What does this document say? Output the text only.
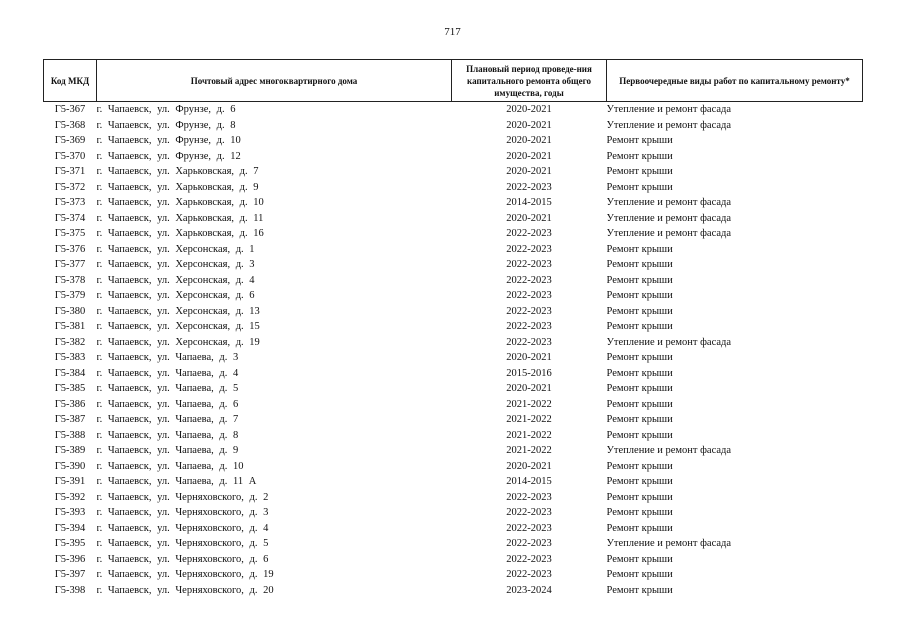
717
Код МКД	Почтовый адрес многоквартирного дома	Плановый период проведе-ния капитального ремонта общего имущества, годы	Первоочередные виды работ по капитальному ремонту*
Г5-367	г. Чапаевск, ул. Фрунзе, д. 6	2020-2021	Утепление и ремонт фасада
Г5-368	г. Чапаевск, ул. Фрунзе, д. 8	2020-2021	Утепление и ремонт фасада
Г5-369	г. Чапаевск, ул. Фрунзе, д. 10	2020-2021	Ремонт крыши
Г5-370	г. Чапаевск, ул. Фрунзе, д. 12	2020-2021	Ремонт крыши
Г5-371	г. Чапаевск, ул. Харьковская, д. 7	2020-2021	Ремонт крыши
Г5-372	г. Чапаевск, ул. Харьковская, д. 9	2022-2023	Ремонт крыши
Г5-373	г. Чапаевск, ул. Харьковская, д. 10	2014-2015	Утепление и ремонт фасада
Г5-374	г. Чапаевск, ул. Харьковская, д. 11	2020-2021	Утепление и ремонт фасада
Г5-375	г. Чапаевск, ул. Харьковская, д. 16	2022-2023	Утепление и ремонт фасада
Г5-376	г. Чапаевск, ул. Херсонская, д. 1	2022-2023	Ремонт крыши
Г5-377	г. Чапаевск, ул. Херсонская, д. 3	2022-2023	Ремонт крыши
Г5-378	г. Чапаевск, ул. Херсонская, д. 4	2022-2023	Ремонт крыши
Г5-379	г. Чапаевск, ул. Херсонская, д. 6	2022-2023	Ремонт крыши
Г5-380	г. Чапаевск, ул. Херсонская, д. 13	2022-2023	Ремонт крыши
Г5-381	г. Чапаевск, ул. Херсонская, д. 15	2022-2023	Ремонт крыши
Г5-382	г. Чапаевск, ул. Херсонская, д. 19	2022-2023	Утепление и ремонт фасада
Г5-383	г. Чапаевск, ул. Чапаева, д. 3	2020-2021	Ремонт крыши
Г5-384	г. Чапаевск, ул. Чапаева, д. 4	2015-2016	Ремонт крыши
Г5-385	г. Чапаевск, ул. Чапаева, д. 5	2020-2021	Ремонт крыши
Г5-386	г. Чапаевск, ул. Чапаева, д. 6	2021-2022	Ремонт крыши
Г5-387	г. Чапаевск, ул. Чапаева, д. 7	2021-2022	Ремонт крыши
Г5-388	г. Чапаевск, ул. Чапаева, д. 8	2021-2022	Ремонт крыши
Г5-389	г. Чапаевск, ул. Чапаева, д. 9	2021-2022	Утепление и ремонт фасада
Г5-390	г. Чапаевск, ул. Чапаева, д. 10	2020-2021	Ремонт крыши
Г5-391	г. Чапаевск, ул. Чапаева, д. 11 А	2014-2015	Ремонт крыши
Г5-392	г. Чапаевск, ул. Черняховского, д. 2	2022-2023	Ремонт крыши
Г5-393	г. Чапаевск, ул. Черняховского, д. 3	2022-2023	Ремонт крыши
Г5-394	г. Чапаевск, ул. Черняховского, д. 4	2022-2023	Ремонт крыши
Г5-395	г. Чапаевск, ул. Черняховского, д. 5	2022-2023	Утепление и ремонт фасада
Г5-396	г. Чапаевск, ул. Черняховского, д. 6	2022-2023	Ремонт крыши
Г5-397	г. Чапаевск, ул. Черняховского, д. 19	2022-2023	Ремонт крыши
Г5-398	г. Чапаевск, ул. Черняховского, д. 20	2023-2024	Ремонт крыши
